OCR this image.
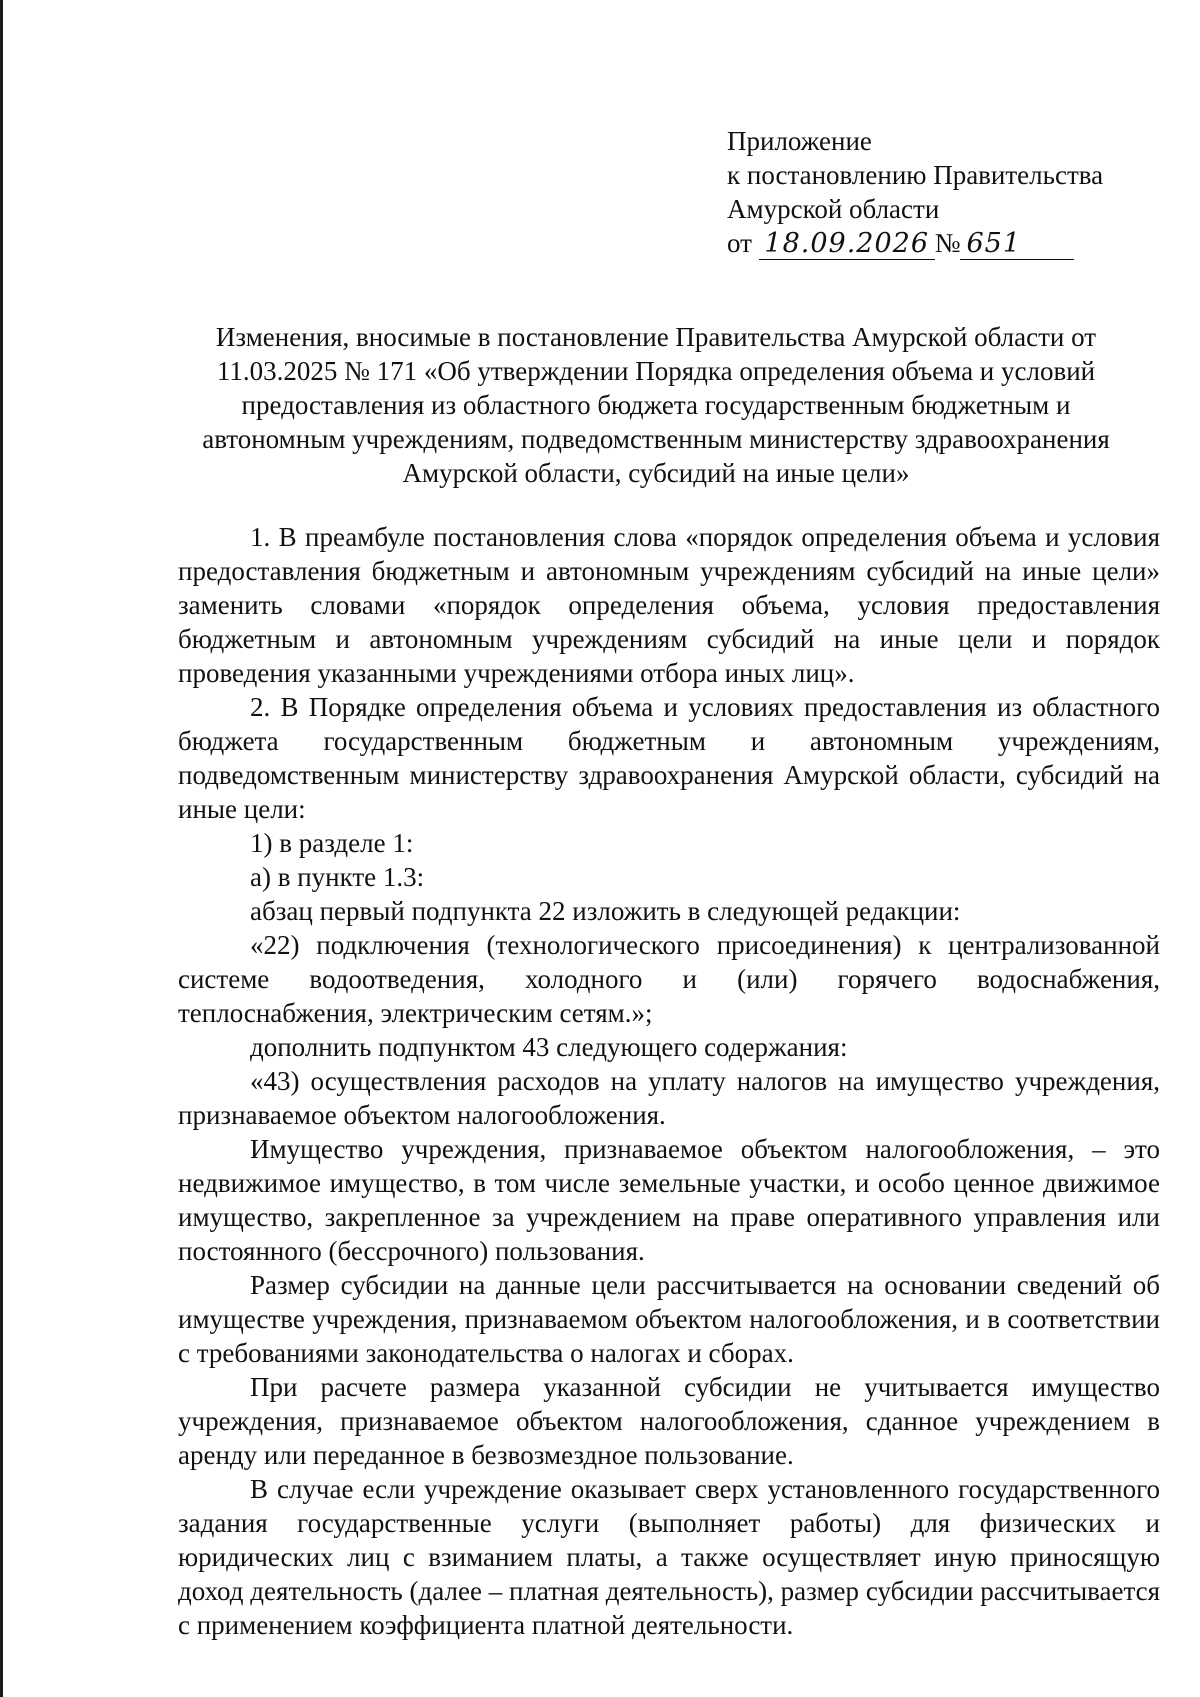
Приложение
к постановлению Правительства
Амурской области
от 18.09.2026 № 651
Изменения, вносимые в постановление Правительства Амурской области от 11.03.2025 № 171 «Об утверждении Порядка определения объема и условий предоставления из областного бюджета государственным бюджетным и автономным учреждениям, подведомственным министерству здравоохранения Амурской области, субсидий на иные цели»

1. В преамбуле постановления слова «порядок определения объема и условия предоставления бюджетным и автономным учреждениям субсидий на иные цели» заменить словами «порядок определения объема, условия предоставления бюджетным и автономным учреждениям субсидий на иные цели и порядок проведения указанными учреждениями отбора иных лиц».

2. В Порядке определения объема и условиях предоставления из областного бюджета государственным бюджетным и автономным учреждениям, подведомственным министерству здравоохранения Амурской области, субсидий на иные цели:

1) в разделе 1:

а) в пункте 1.3:

абзац первый подпункта 22 изложить в следующей редакции:

«22) подключения (технологического присоединения) к централизованной системе водоотведения, холодного и (или) горячего водоснабжения, теплоснабжения, электрическим сетям.»;

дополнить подпунктом 43 следующего содержания:

«43) осуществления расходов на уплату налогов на имущество учреждения, признаваемое объектом налогообложения.

Имущество учреждения, признаваемое объектом налогообложения, – это недвижимое имущество, в том числе земельные участки, и особо ценное движимое имущество, закрепленное за учреждением на праве оперативного управления или постоянного (бессрочного) пользования.

Размер субсидии на данные цели рассчитывается на основании сведений об имуществе учреждения, признаваемом объектом налогообложения, и в соответствии с требованиями законодательства о налогах и сборах.

При расчете размера указанной субсидии не учитывается имущество учреждения, признаваемое объектом налогообложения, сданное учреждением в аренду или переданное в безвозмездное пользование.

В случае если учреждение оказывает сверх установленного государственного задания государственные услуги (выполняет работы) для физических и юридических лиц с взиманием платы, а также осуществляет иную приносящую доход деятельность (далее – платная деятельность), размер субсидии рассчитывается с применением коэффициента платной деятельности.
